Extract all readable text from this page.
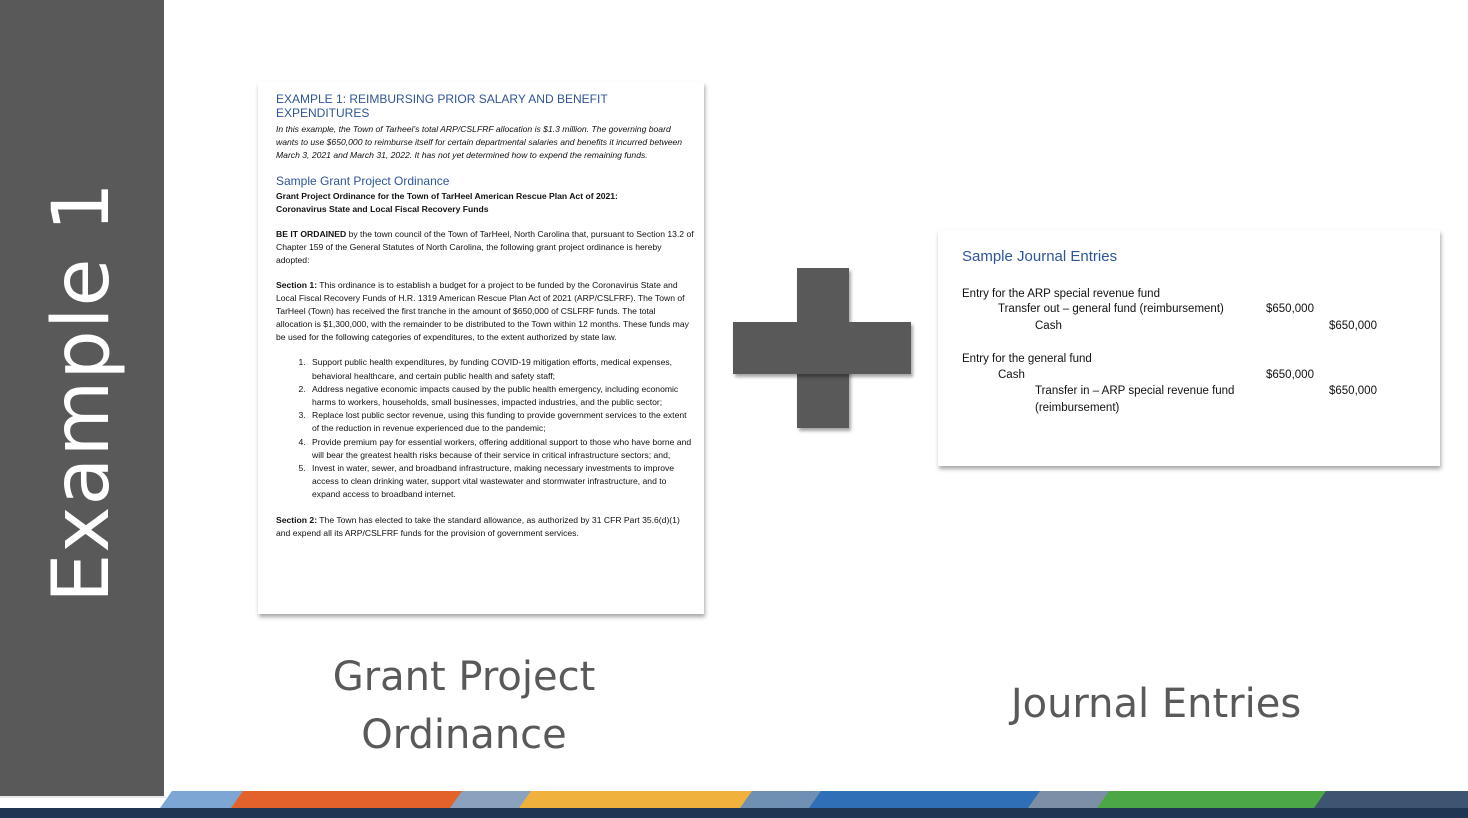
Example 1
EXAMPLE 1: REIMBURSING PRIOR SALARY AND BENEFIT EXPENDITURES

In this example, the Town of Tarheel’s total ARP/CSLFRF allocation is $1.3 million. The governing board wants to use $650,000 to reimburse itself for certain departmental salaries and benefits it incurred between March 3, 2021 and March 31, 2022. It has not yet determined how to expend the remaining funds.

Sample Grant Project Ordinance

Grant Project Ordinance for the Town of TarHeel American Rescue Plan Act of 2021:

Coronavirus State and Local Fiscal Recovery Funds

BE IT ORDAINED by the town council of the Town of TarHeel, North Carolina that, pursuant to Section 13.2 of Chapter 159 of the General Statutes of North Carolina, the following grant project ordinance is hereby adopted:

Section 1: This ordinance is to establish a budget for a project to be funded by the Coronavirus State and Local Fiscal Recovery Funds of H.R. 1319 American Rescue Plan Act of 2021 (ARP/CSLFRF). The Town of TarHeel (Town) has received the first tranche in the amount of $650,000 of CSLFRF funds. The total allocation is $1,300,000, with the remainder to be distributed to the Town within 12 months. These funds may be used for the following categories of expenditures, to the extent authorized by state law.

1. Support public health expenditures, by funding COVID-19 mitigation efforts, medical expenses, behavioral healthcare, and certain public health and safety staff;
2. Address negative economic impacts caused by the public health emergency, including economic harms to workers, households, small businesses, impacted industries, and the public sector;
3. Replace lost public sector revenue, using this funding to provide government services to the extent of the reduction in revenue experienced due to the pandemic;
4. Provide premium pay for essential workers, offering additional support to those who have borne and will bear the greatest health risks because of their service in critical infrastructure sectors; and,
5. Invest in water, sewer, and broadband infrastructure, making necessary investments to improve access to clean drinking water, support vital wastewater and stormwater infrastructure, and to expand access to broadband internet.

Section 2: The Town has elected to take the standard allowance, as authorized by 31 CFR Part 35.6(d)(1) and expend all its ARP/CSLFRF funds for the provision of government services.

Sample Journal Entries
Entry for the ARP special revenue fund
Transfer out – general fund (reimbursement)	$650,000
Cash	$650,000
Entry for the general fund
Cash	$650,000
Transfer in – ARP special revenue fund	$650,000
(reimbursement)
Grant Project
Ordinance
Journal Entries
